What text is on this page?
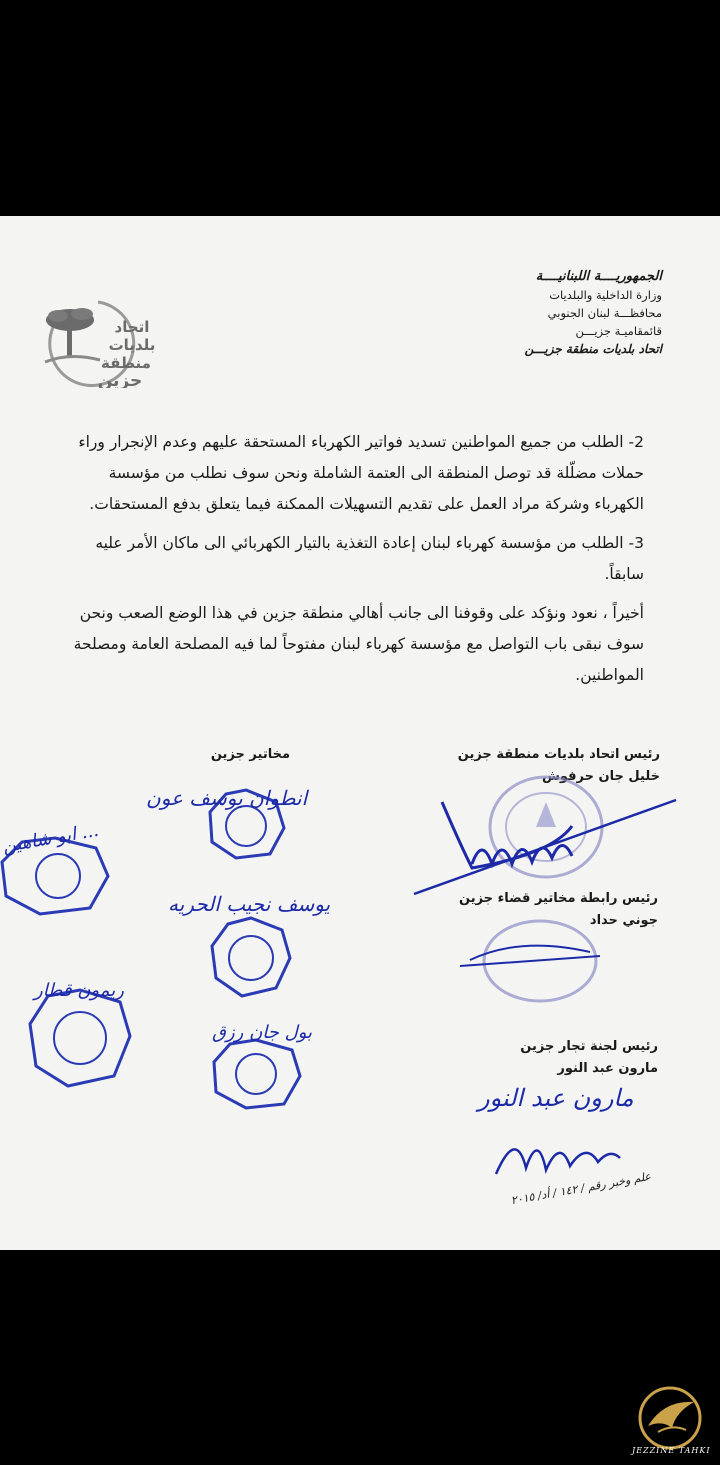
الجمهوريــــة اللبنانيــــة
وزارة الداخلية والبلديات
محافظـــة لبنان الجنوبي
قائمقاميـة جزيـــن
اتحاد بلديات منطقة جزيـــن
اتحاد
بلديات
منطقة
جزين

2- الطلب من جميع المواطنين تسديد فواتير الكهرباء المستحقة عليهم وعدم الإنجرار وراء حملات مضلّلة قد توصل المنطقة الى العتمة الشاملة ونحن سوف نطلب من مؤسسة الكهرباء وشركة مراد العمل على تقديم التسهيلات الممكنة فيما يتعلق بدفع المستحقات.

3- الطلب من مؤسسة كهرباء لبنان إعادة التغذية بالتيار الكهربائي الى ماكان الأمر عليه سابقاً.

أخيراً ، نعود ونؤكد على وقوفنا الى جانب أهالي منطقة جزين في هذا الوضع الصعب ونحن سوف نبقى باب التواصل مع مؤسسة كهرباء لبنان مفتوحاً لما فيه المصلحة العامة ومصلحة المواطنين.

رئيس اتحاد بلديات منطقة جزين
خليل جان حرفوش
مخاتير جزين
رئيس رابطة مخاتير قضاء جزين
جوني حداد
رئيس لجنة تجار جزين
مارون عبد النور
انطوان يوسف عون
يوسف نجيب الحريه
بول جان رزق
ابو شاهين ...
ريمون قطار
مارون عبد النور
علم وخبر رقم / ١٤٢ / أد/ ٢٠١٥
JEZZINE TAHKI
